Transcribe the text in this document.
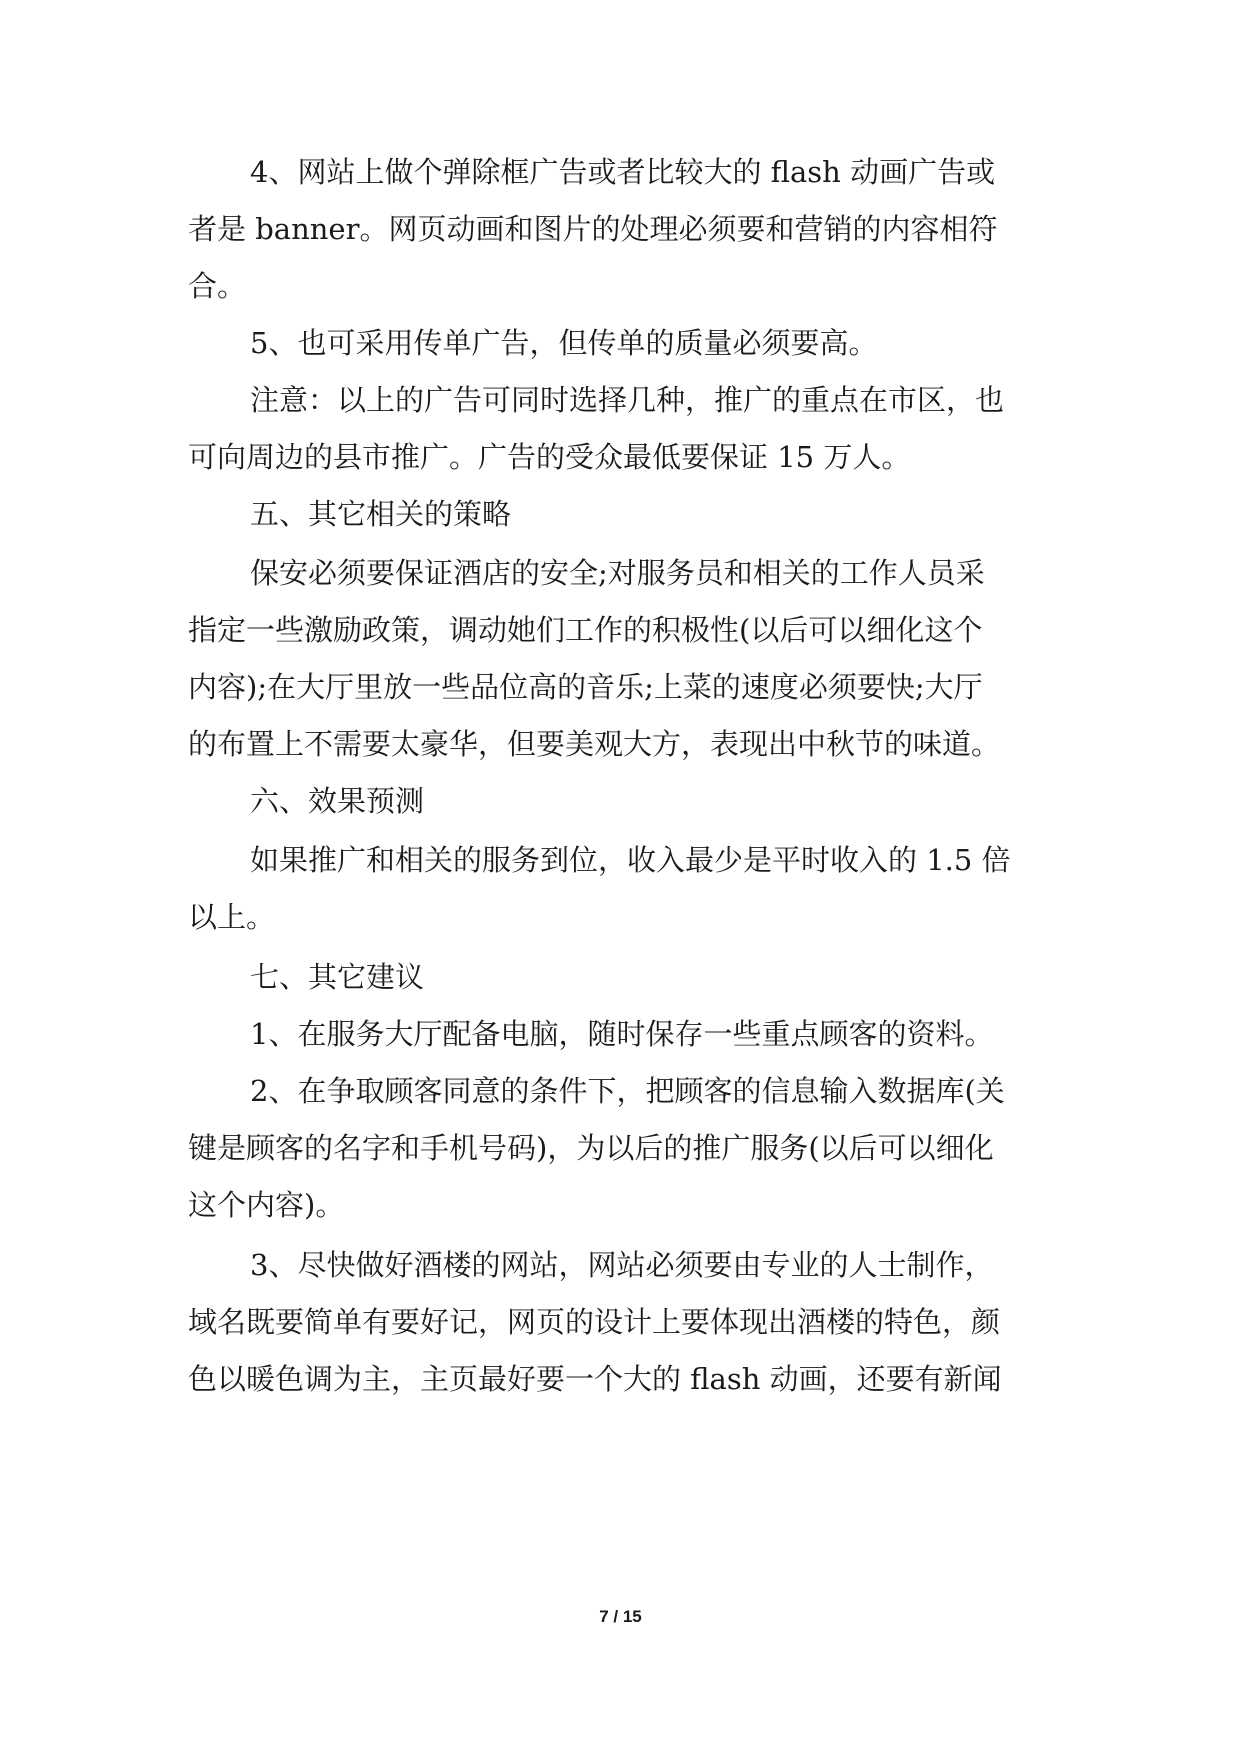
4、网站上做个弹除框广告或者比较大的 flash 动画广告或
者是 banner。网页动画和图片的处理必须要和营销的内容相符
合。
5、也可采用传单广告，但传单的质量必须要高。
注意：以上的广告可同时选择几种，推广的重点在市区，也
可向周边的县市推广。广告的受众最低要保证 15 万人。
五、其它相关的策略
保安必须要保证酒店的安全;对服务员和相关的工作人员采
指定一些激励政策，调动她们工作的积极性(以后可以细化这个
内容);在大厅里放一些品位高的音乐;上菜的速度必须要快;大厅
的布置上不需要太豪华，但要美观大方，表现出中秋节的味道。
六、效果预测
如果推广和相关的服务到位，收入最少是平时收入的 1.5 倍
以上。
七、其它建议
1、在服务大厅配备电脑，随时保存一些重点顾客的资料。
2、在争取顾客同意的条件下，把顾客的信息输入数据库(关
键是顾客的名字和手机号码)，为以后的推广服务(以后可以细化
这个内容)。
3、尽快做好酒楼的网站，网站必须要由专业的人士制作，
域名既要简单有要好记，网页的设计上要体现出酒楼的特色，颜
色以暖色调为主，主页最好要一个大的 flash 动画，还要有新闻
7 / 15
